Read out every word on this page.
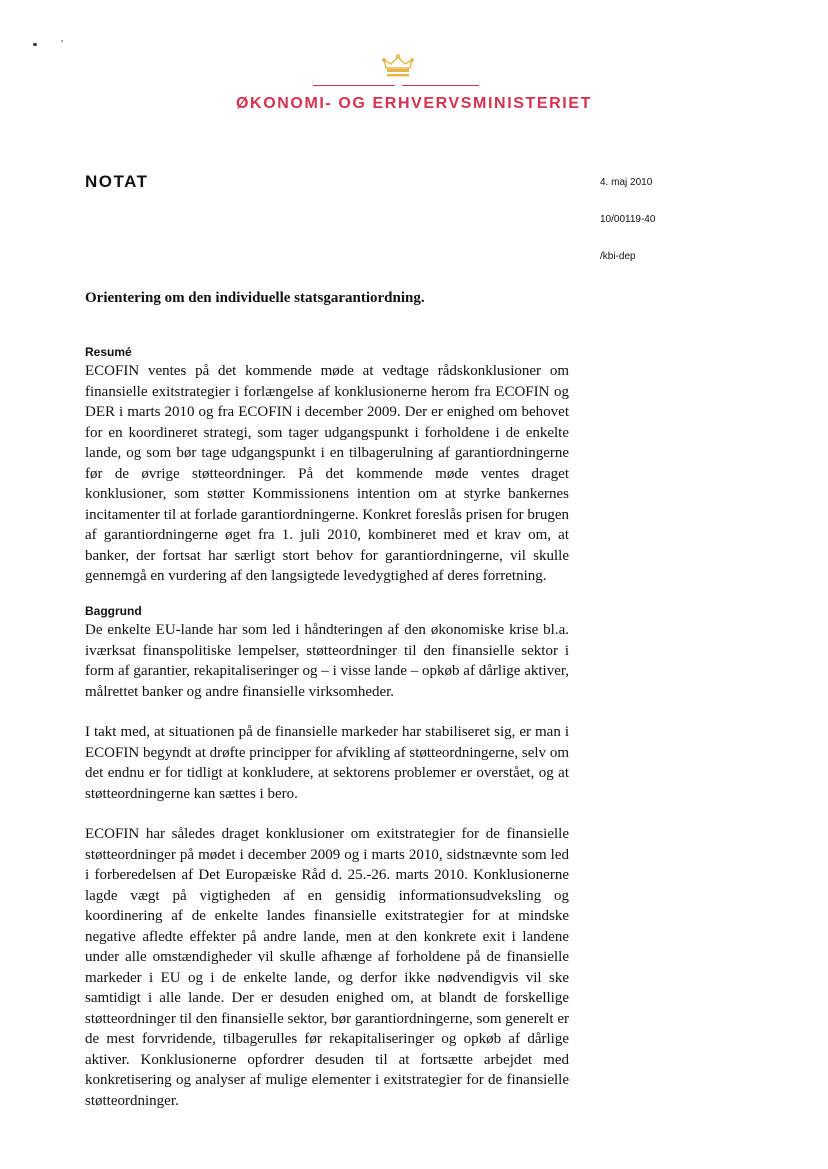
ØKONOMI- OG ERHVERVSMINISTERIET
NOTAT	4. maj 2010
10/00119-40
/kbi-dep
Orientering om den individuelle statsgarantiordning.
Resumé

ECOFIN ventes på det kommende møde at vedtage rådskonklusioner om finansielle exitstrategier i forlængelse af konklusionerne herom fra ECOFIN og DER i marts 2010 og fra ECOFIN i december 2009. Der er enighed om behovet for en koordineret strategi, som tager udgangspunkt i forholdene i de enkelte lande, og som bør tage udgangspunkt i en tilbagerulning af garantiordningerne før de øvrige støtteordninger. På det kommende møde ventes draget konklusioner, som støtter Kommissionens intention om at styrke bankernes incitamenter til at forlade garantiordningerne. Konkret foreslås prisen for brugen af garantiordningerne øget fra 1. juli 2010, kombineret med et krav om, at banker, der fortsat har særligt stort behov for garantiordningerne, vil skulle gennemgå en vurdering af den langsigtede levedygtighed af deres forretning.

Baggrund

De enkelte EU-lande har som led i håndteringen af den økonomiske krise bl.a. iværksat finanspolitiske lempelser, støtteordninger til den finansielle sektor i form af garantier, rekapitaliseringer og – i visse lande – opkøb af dårlige aktiver, målrettet banker og andre finansielle virksomheder.

I takt med, at situationen på de finansielle markeder har stabiliseret sig, er man i ECOFIN begyndt at drøfte principper for afvikling af støtteordningerne, selv om det endnu er for tidligt at konkludere, at sektorens problemer er overstået, og at støtteordningerne kan sættes i bero.

ECOFIN har således draget konklusioner om exitstrategier for de finansielle støtteordninger på mødet i december 2009 og i marts 2010, sidstnævnte som led i forberedelsen af Det Europæiske Råd d. 25.-26. marts 2010. Konklusionerne lagde vægt på vigtigheden af en gensidig informationsudveksling og koordinering af de enkelte landes finansielle exitstrategier for at mindske negative afledte effekter på andre lande, men at den konkrete exit i landene under alle omstændigheder vil skulle afhænge af forholdene på de finansielle markeder i EU og i de enkelte lande, og derfor ikke nødvendigvis vil ske samtidigt i alle lande. Der er desuden enighed om, at blandt de forskellige støtteordninger til den finansielle sektor, bør garantiordningerne, som generelt er de mest forvridende, tilbagerulles før rekapitaliseringer og opkøb af dårlige aktiver. Konklusionerne opfordrer desuden til at fortsætte arbejdet med konkretisering og analyser af mulige elementer i exitstrategier for de finansielle støtteordninger.
